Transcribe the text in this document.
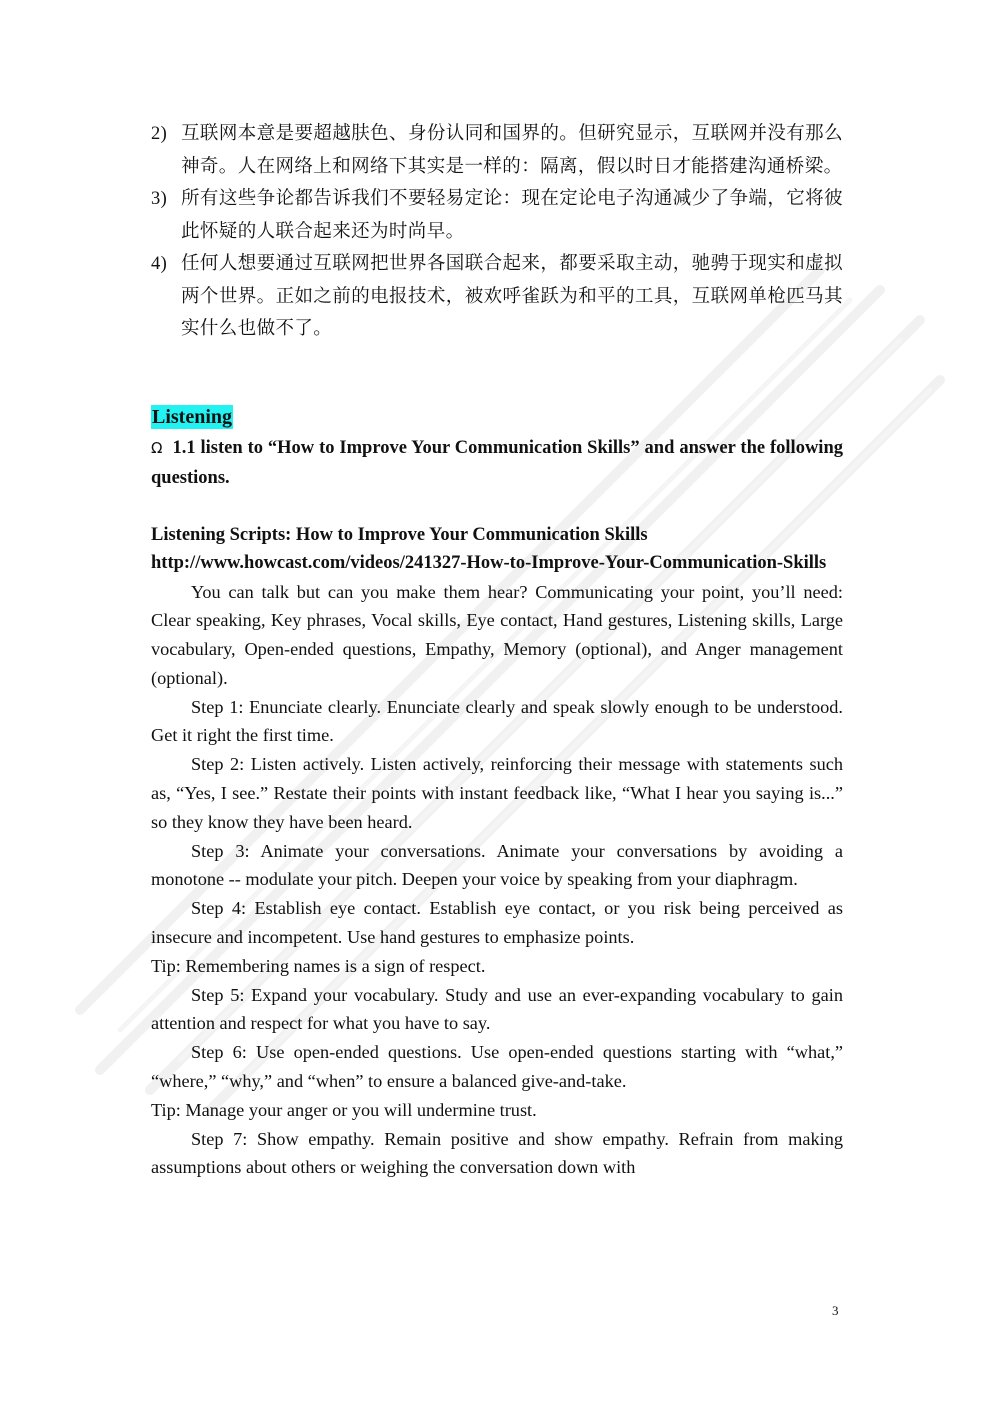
2) 互联网本意是要超越肤色、身份认同和国界的。但研究显示，互联网并没有那么神奇。人在网络上和网络下其实是一样的：隔离，假以时日才能搭建沟通桥梁。
3) 所有这些争论都告诉我们不要轻易定论：现在定论电子沟通减少了争端，它将彼此怀疑的人联合起来还为时尚早。
4) 任何人想要通过互联网把世界各国联合起来，都要采取主动，驰骋于现实和虚拟两个世界。正如之前的电报技术，被欢呼雀跃为和平的工具，互联网单枪匹马其实什么也做不了。
Listening
Ω 1.1 listen to “How to Improve Your Communication Skills” and answer the following questions.
Listening Scripts: How to Improve Your Communication Skills
http://www.howcast.com/videos/241327-How-to-Improve-Your-Communication-Skills

You can talk but can you make them hear? Communicating your point, you’ll need: Clear speaking, Key phrases, Vocal skills, Eye contact, Hand gestures, Listening skills, Large vocabulary, Open-ended questions, Empathy, Memory (optional), and Anger management (optional).

Step 1: Enunciate clearly. Enunciate clearly and speak slowly enough to be understood. Get it right the first time.

Step 2: Listen actively. Listen actively, reinforcing their message with statements such as, “Yes, I see.” Restate their points with instant feedback like, “What I hear you saying is...” so they know they have been heard.

Step 3: Animate your conversations. Animate your conversations by avoiding a monotone -- modulate your pitch. Deepen your voice by speaking from your diaphragm.

Step 4: Establish eye contact. Establish eye contact, or you risk being perceived as insecure and incompetent. Use hand gestures to emphasize points.

Tip: Remembering names is a sign of respect.

Step 5: Expand your vocabulary. Study and use an ever-expanding vocabulary to gain attention and respect for what you have to say.

Step 6: Use open-ended questions. Use open-ended questions starting with “what,” “where,” “why,” and “when” to ensure a balanced give-and-take.

Tip: Manage your anger or you will undermine trust.

Step 7: Show empathy. Remain positive and show empathy. Refrain from making assumptions about others or weighing the conversation down with

3
